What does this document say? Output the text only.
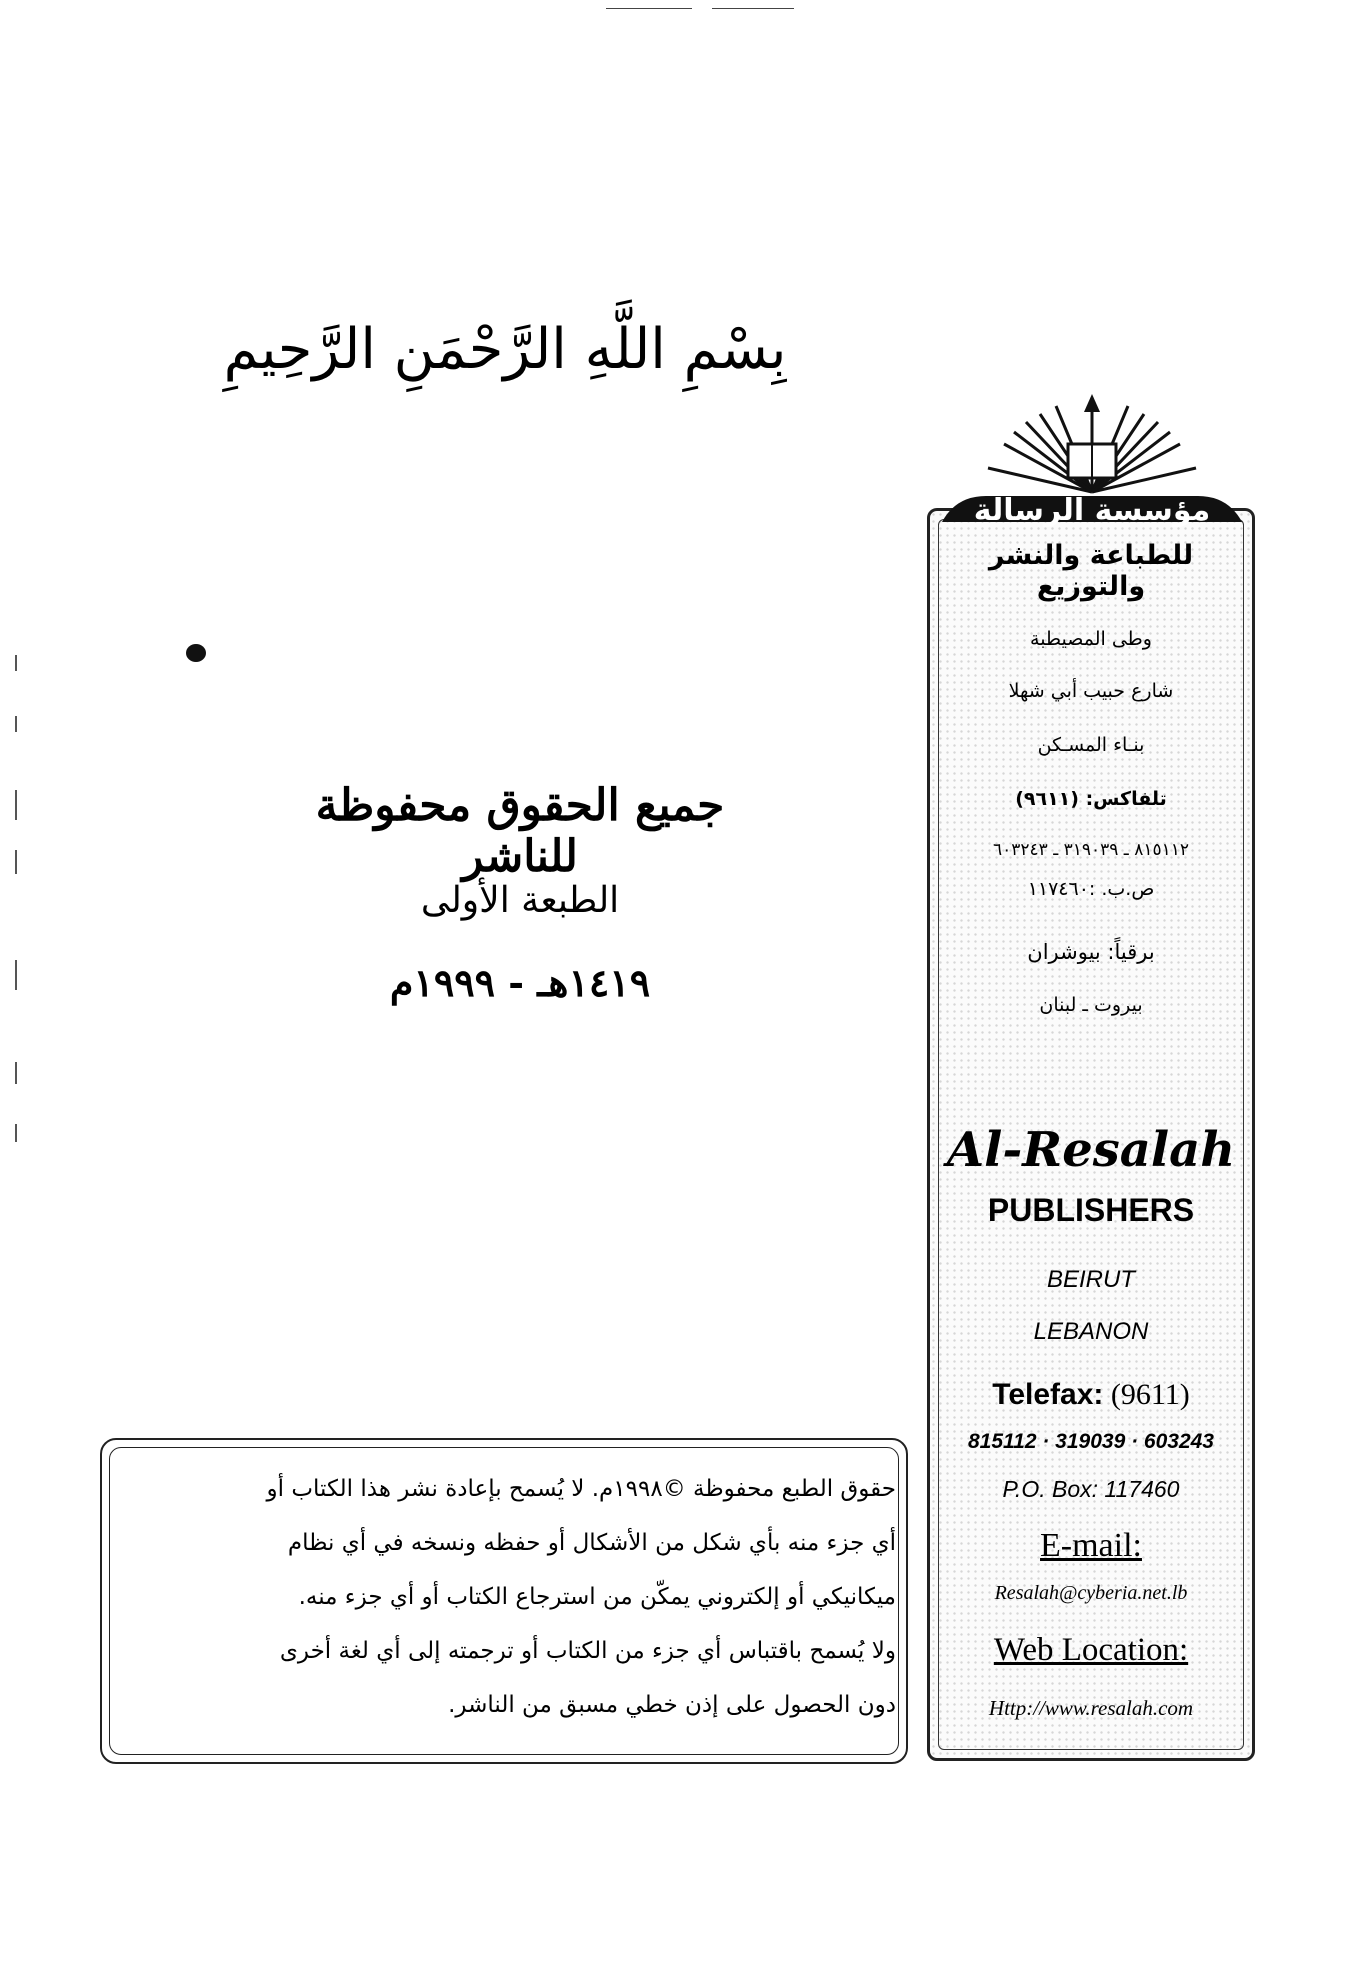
بِسْمِ اللَّهِ الرَّحْمَنِ الرَّحِيمِ
جميع الحقوق محفوظة للناشر
الطبعة الأولى
١٤١٩هـ - ١٩٩٩م
مؤسسة الرسالة
للطباعة والنشر والتوزيع
وطى المصيطبة
شارع حبيب أبي شهلا
بنـاء المسـكن
تلفاكس: (٩٦١١)
٨١٥١١٢ ـ ٣١٩٠٣٩ ـ ٦٠٣٢٤٣
ص.ب. :١١٧٤٦٠
برقياً: بيوشران
بيروت ـ لبنان
Al-Resalah
PUBLISHERS
BEIRUT
LEBANON
Telefax: (9611)
815112 · 319039 · 603243
P.O. Box: 117460
E-mail:
Resalah@cyberia.net.lb
Web Location:
Http://www.resalah.com
حقوق الطبع محفوظة ©١٩٩٨م. لا يُسمح بإعادة نشر هذا الكتاب أو
أي جزء منه بأي شكل من الأشكال أو حفظه ونسخه في أي نظام
ميكانيكي أو إلكتروني يمكّن من استرجاع الكتاب أو أي جزء منه.
ولا يُسمح باقتباس أي جزء من الكتاب أو ترجمته إلى أي لغة أخرى
دون الحصول على إذن خطي مسبق من الناشر.
